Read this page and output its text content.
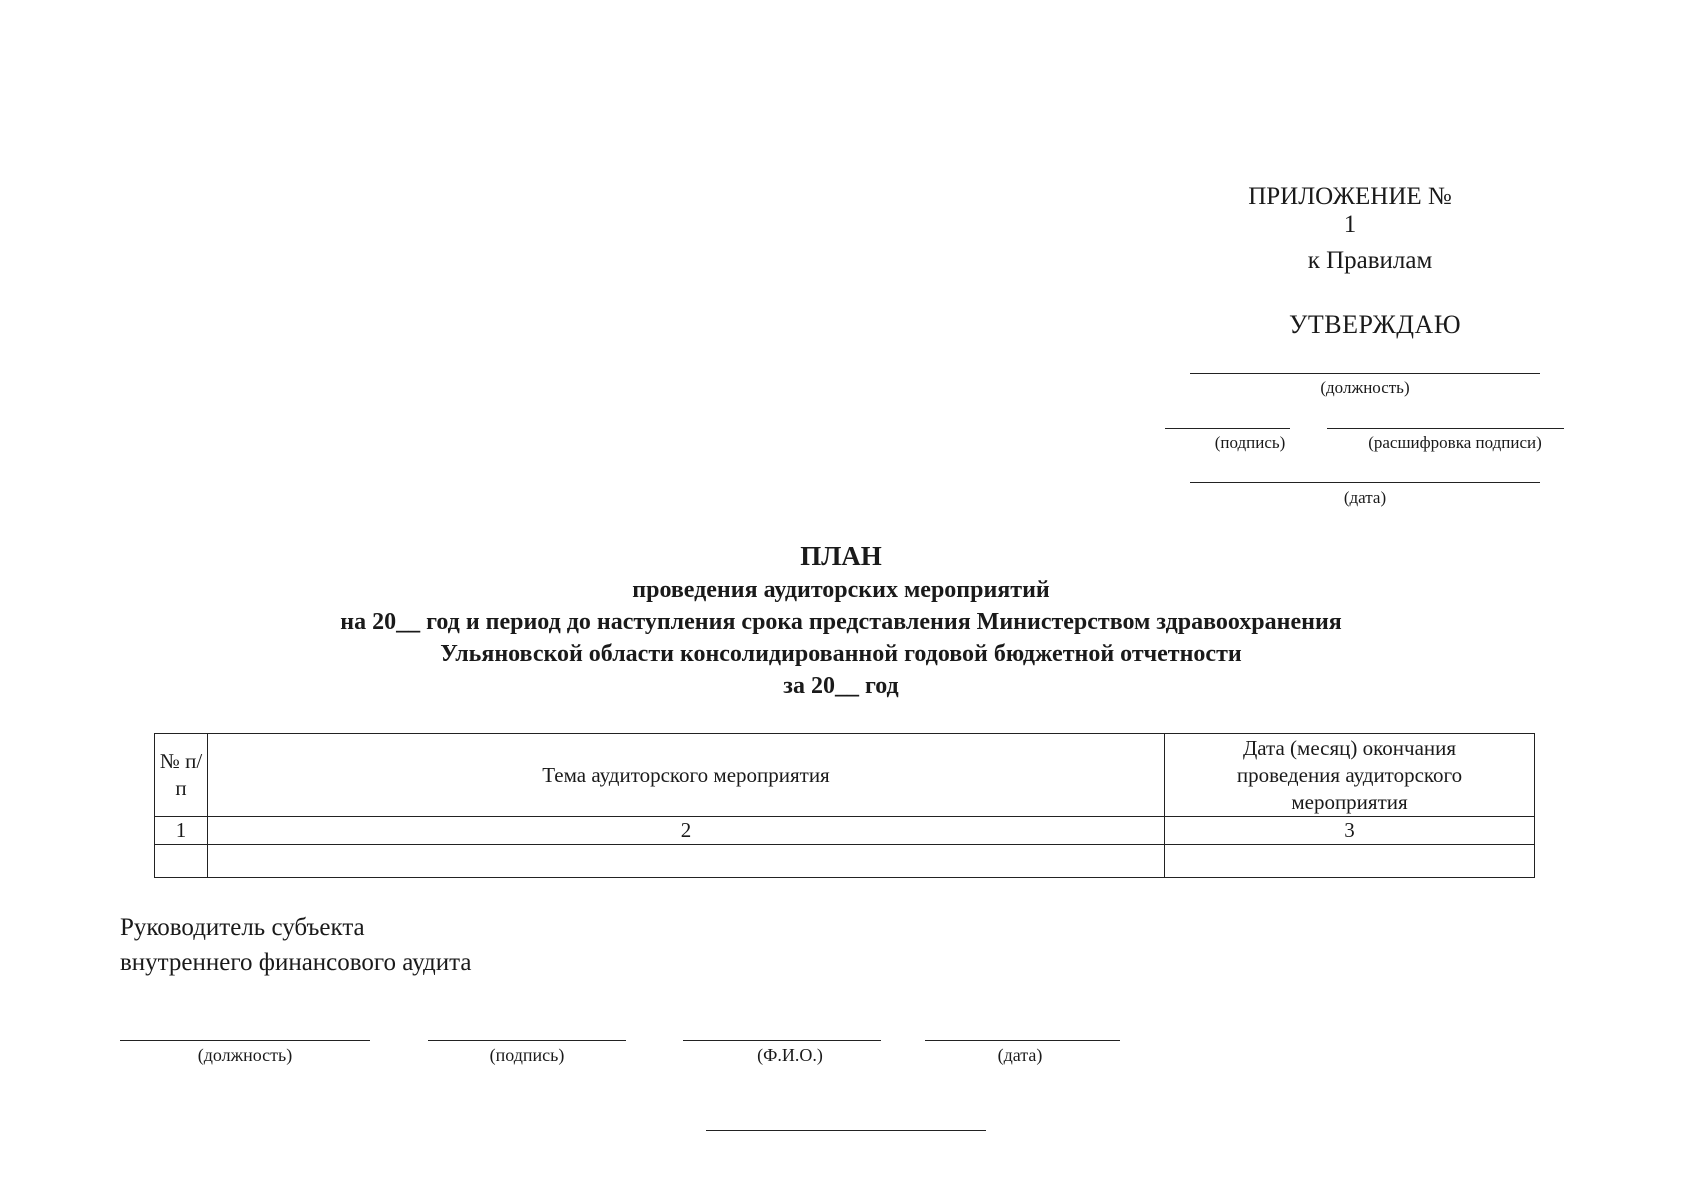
ПРИЛОЖЕНИЕ № 1
к Правилам
УТВЕРЖДАЮ
(должность)
(подпись)	(расшифровка подписи)
(дата)
ПЛАН
проведения аудиторских мероприятий
на 20__ год и период до наступления срока представления Министерством здравоохранения
Ульяновской области консолидированной годовой бюджетной отчетности
за 20__ год
№ п/п	Тема аудиторского мероприятия	Дата (месяц) окончания проведения аудиторского мероприятия
1	2	3

Руководитель субъекта
внутреннего финансового аудита
(должность)	(подпись)	(Ф.И.О.)	(дата)
